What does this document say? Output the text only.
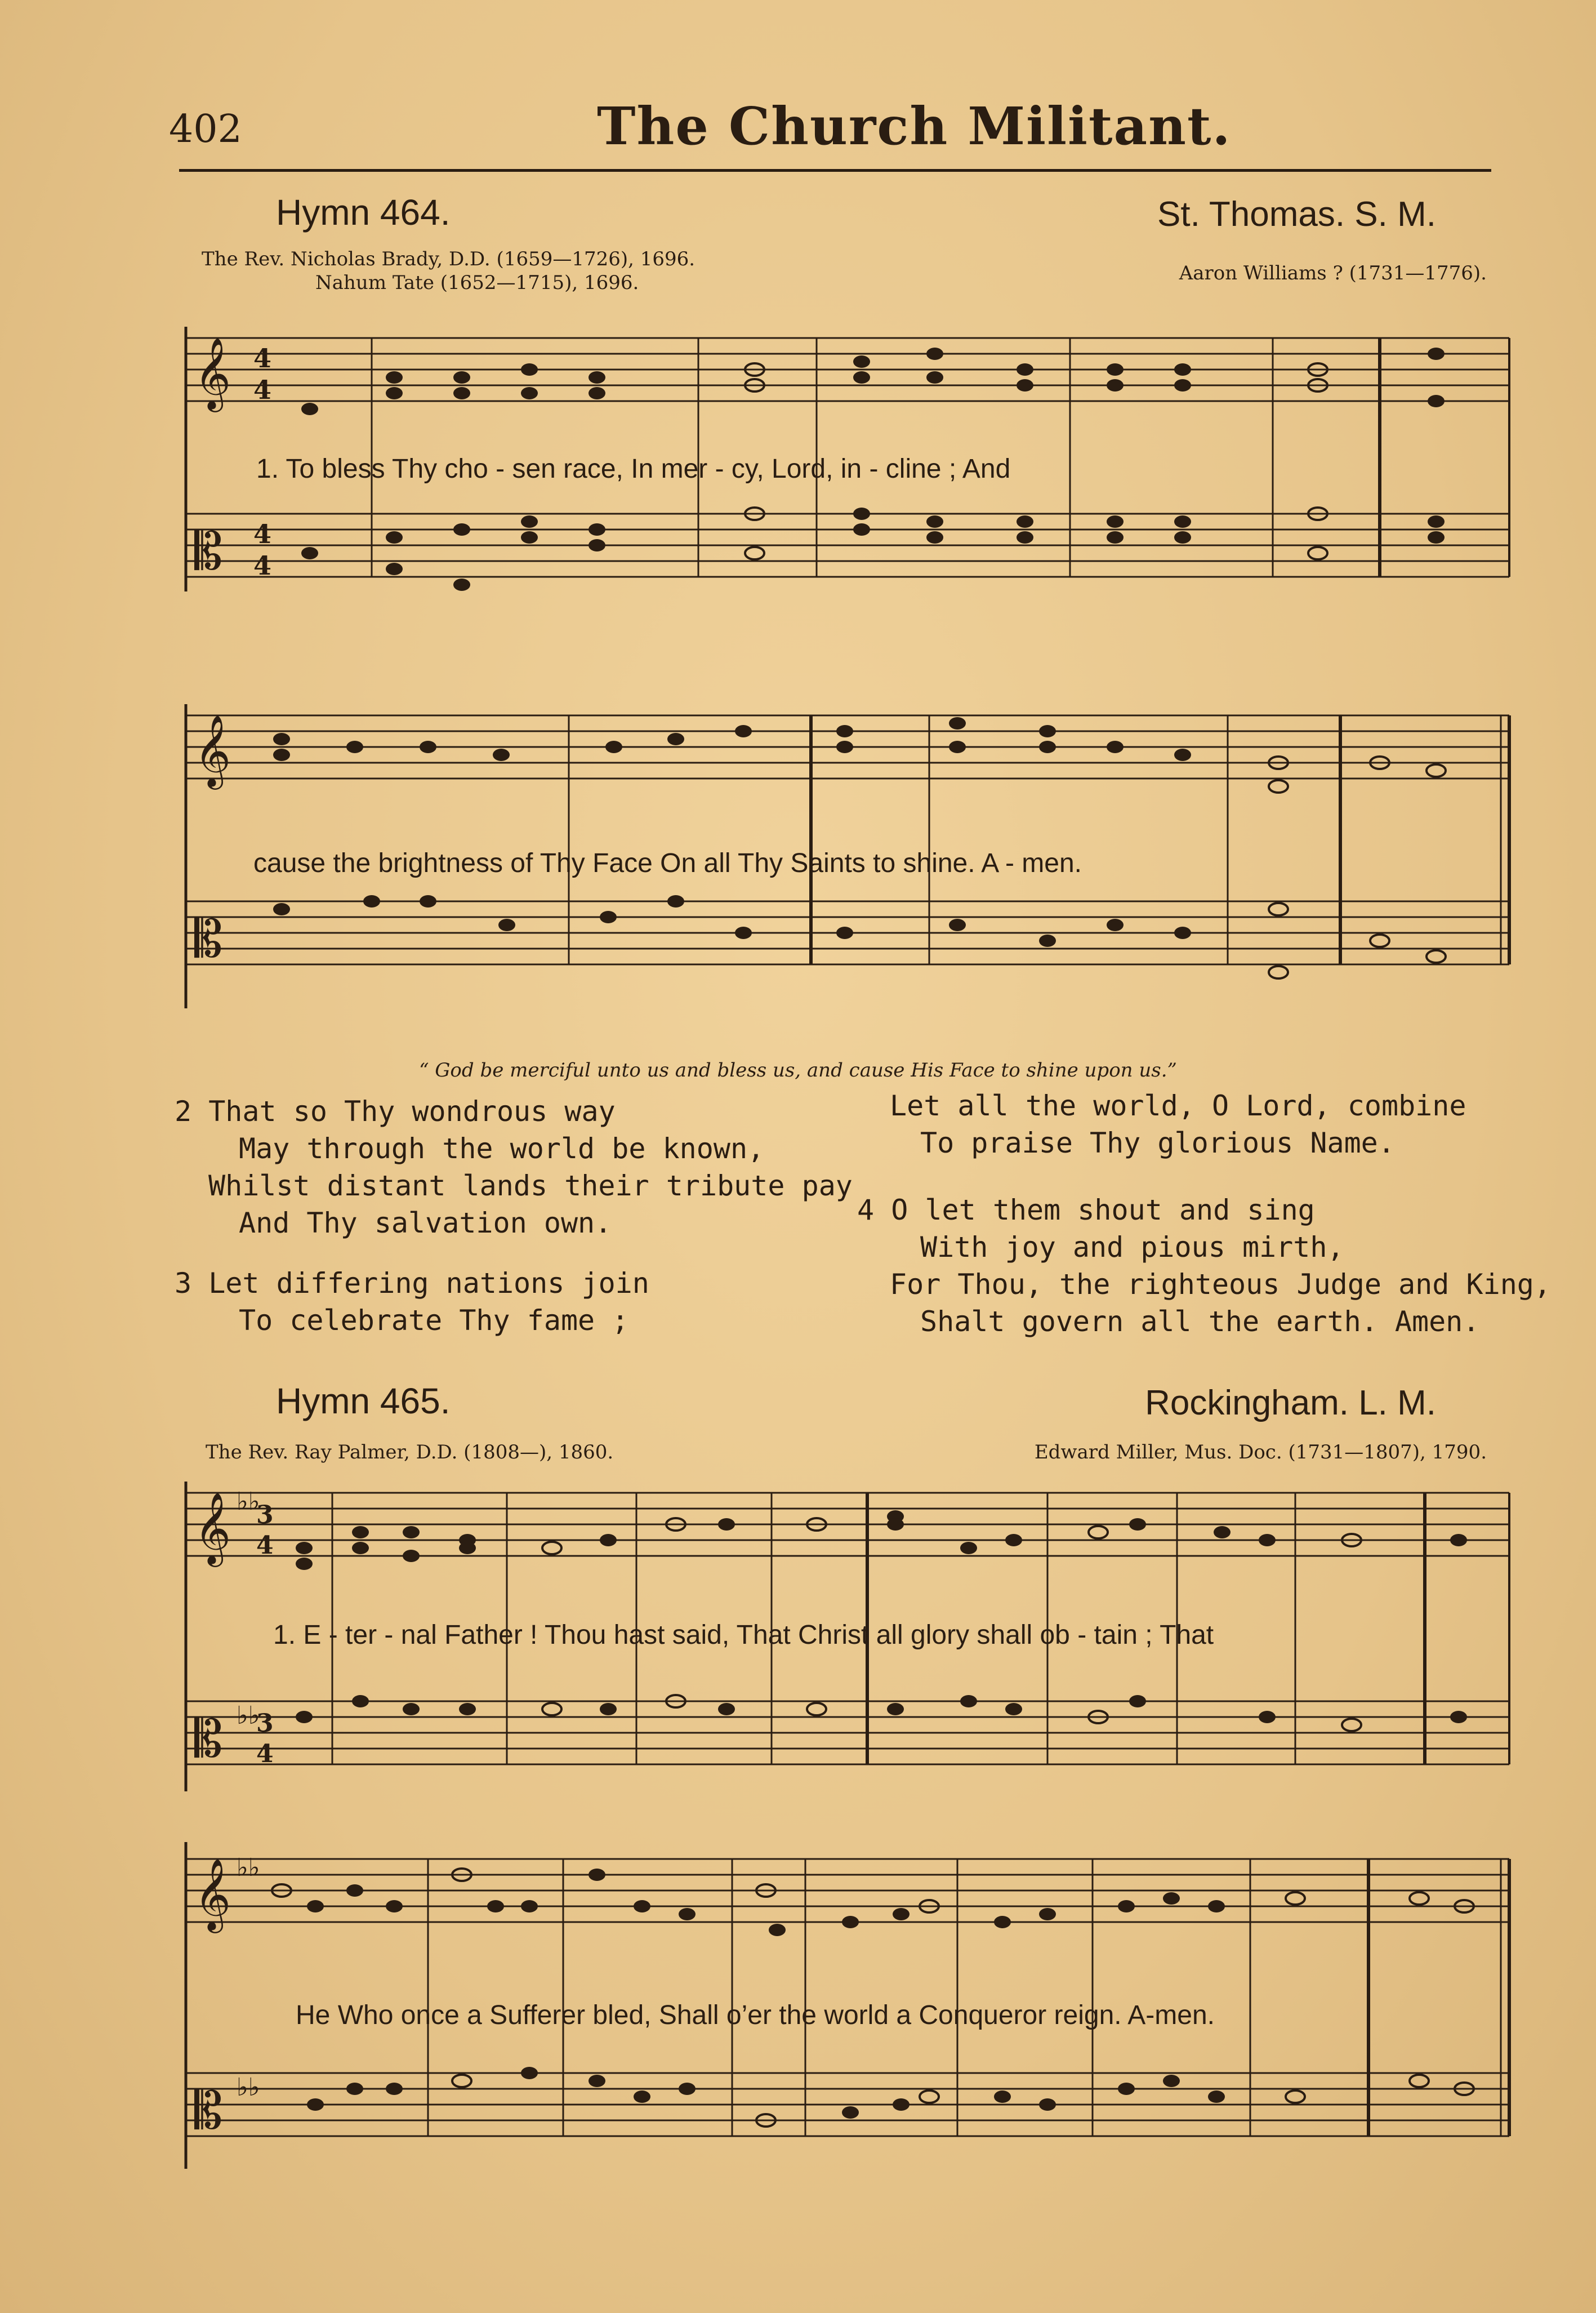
402	The Church Militant.
Hymn 464.	St. Thomas. S. M.
The Rev. Nicholas Brady, D.D. (1659—1726), 1696.
Nahum Tate (1652—1715), 1696.	Aaron Williams ? (1731—1776).
𝄞
𝄡
4
4
4
4
1. To bless Thy cho - sen race, In mer - cy, Lord, in - cline ; And
𝄞
𝄡
cause the brightness of Thy Face On all Thy Saints to shine. A - men.
“ God be merciful unto us and bless us, and cause His Face to shine upon us.”
2 That so Thy wondrous way
May through the world be known,
Whilst distant lands their tribute pay
And Thy salvation own.
3 Let differing nations join
To celebrate Thy fame ;
Let all the world, O Lord, combine
To praise Thy glorious Name.
4 O let them shout and sing
With joy and pious mirth,
For Thou, the righteous Judge and King,
Shalt govern all the earth. Amen.
Hymn 465.	Rockingham. L. M.
The Rev. Ray Palmer, D.D. (1808—), 1860.	Edward Miller, Mus. Doc. (1731—1807), 1790.
𝄞
𝄡
♭♭
3
4
♭♭
3
4
1. E - ter - nal Father ! Thou hast said, That Christ all glory shall ob - tain ; That
𝄞
𝄡
♭♭
♭♭
He Who once a Sufferer bled, Shall o’er the world a Conqueror reign. A-men.
